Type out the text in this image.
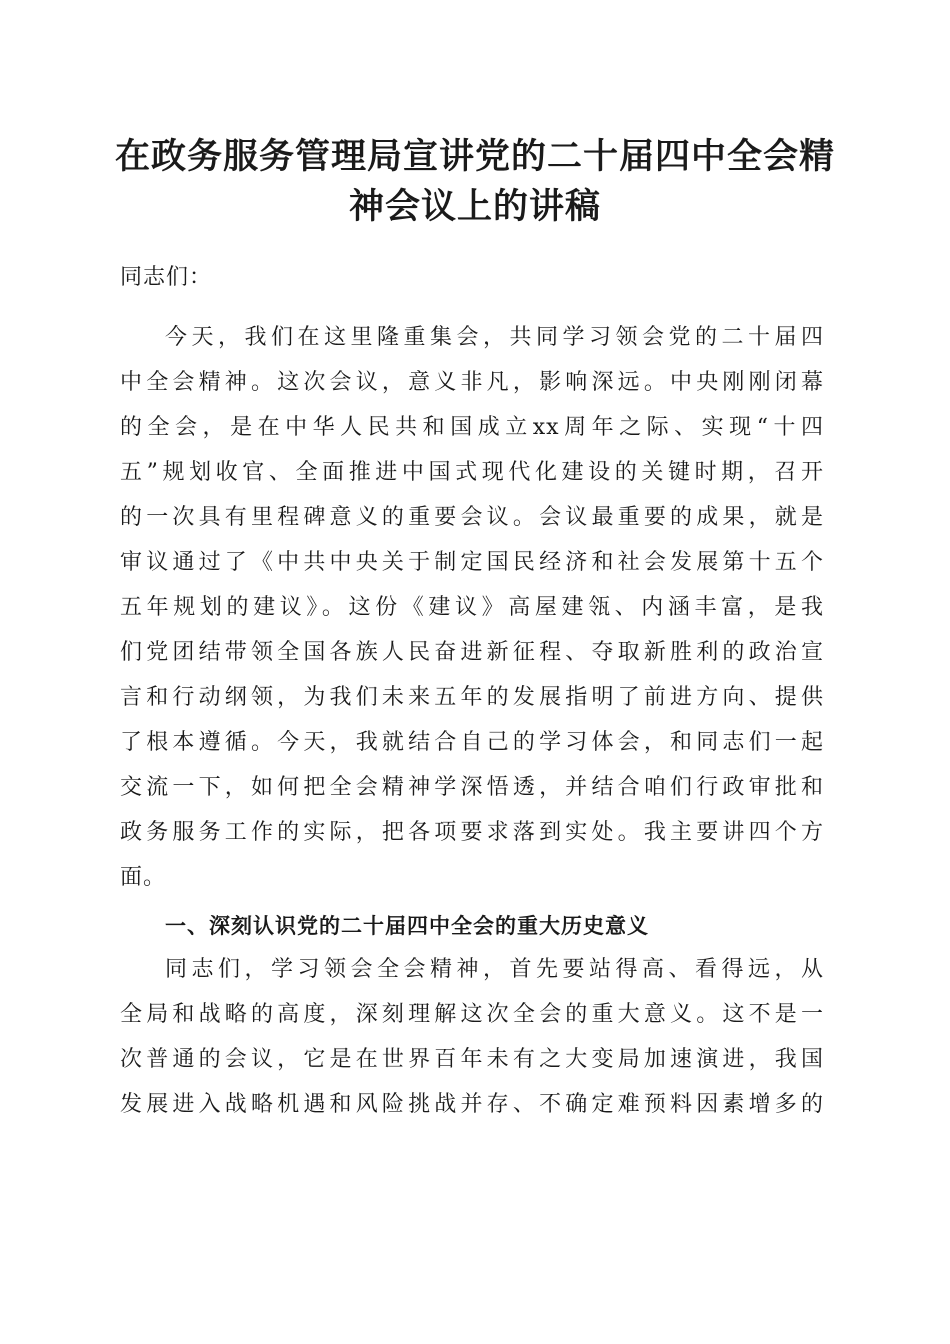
在政务服务管理局宣讲党的二十届四中全会精
神会议上的讲稿
同志们：
今天，我们在这里隆重集会，共同学习领会党的二十届四
中全会精神。这次会议，意义非凡，影响深远。中央刚刚闭幕
的全会，是在中华人民共和国成立xx周年之际、实现“十四
五”规划收官、全面推进中国式现代化建设的关键时期，召开
的一次具有里程碑意义的重要会议。会议最重要的成果，就是
审议通过了《中共中央关于制定国民经济和社会发展第十五个
五年规划的建议》。这份《建议》高屋建瓴、内涵丰富，是我
们党团结带领全国各族人民奋进新征程、夺取新胜利的政治宣
言和行动纲领，为我们未来五年的发展指明了前进方向、提供
了根本遵循。今天，我就结合自己的学习体会，和同志们一起
交流一下，如何把全会精神学深悟透，并结合咱们行政审批和
政务服务工作的实际，把各项要求落到实处。我主要讲四个方
面。
一、深刻认识党的二十届四中全会的重大历史意义
同志们，学习领会全会精神，首先要站得高、看得远，从
全局和战略的高度，深刻理解这次全会的重大意义。这不是一
次普通的会议，它是在世界百年未有之大变局加速演进，我国
发展进入战略机遇和风险挑战并存、不确定难预料因素增多的
